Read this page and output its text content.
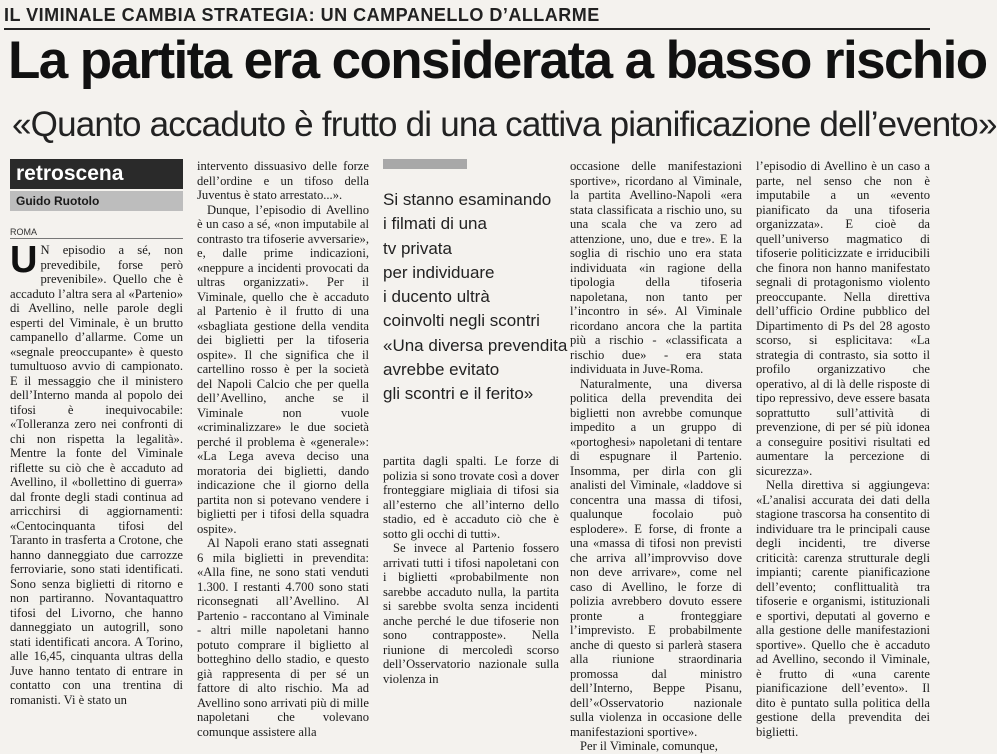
IL VIMINALE CAMBIA STRATEGIA: UN CAMPANELLO D’ALLARME
La partita era considerata a basso rischio
«Quanto accaduto è frutto di una cattiva pianificazione dell’evento»
retroscena
Guido Ruotolo
ROMA

U N episodio a sé, non prevedibile, forse però prevenibile». Quello che è accaduto l’altra sera al «Partenio» di Avellino, nelle parole degli esperti del Viminale, è un brutto campanello d’allarme. Come un «segnale preoccupante» è questo tumultuoso avvio di campionato. E il messaggio che il ministero dell’Interno manda al popolo dei tifosi è inequivocabile: «Tolleranza zero nei confronti di chi non rispetta la legalità». Mentre la fonte del Viminale riflette su ciò che è accaduto ad Avellino, il «bollettino di guerra» dal fronte degli stadi continua ad arricchirsi di aggiornamenti: «Centocinquanta tifosi del Taranto in trasferta a Crotone, che hanno danneggiato due carrozze ferroviarie, sono stati identificati. Sono senza biglietti di ritorno e non partiranno. Novantaquattro tifosi del Livorno, che hanno danneggiato un autogrill, sono stati identificati ancora. A Torino, alle 16,45, cinquanta ultras della Juve hanno tentato di entrare in contatto con una trentina di romanisti. Vi è stato un

intervento dissuasivo delle forze dell’ordine e un tifoso della Juventus è stato arrestato...».

Dunque, l’episodio di Avellino è un caso a sé, «non imputabile al contrasto tra tifoserie avversarie», e, dalle prime indicazioni, «neppure a incidenti provocati da ultras organizzati». Per il Viminale, quello che è accaduto al Partenio è il frutto di una «sbagliata gestione della vendita dei biglietti per la tifoseria ospite». Il che significa che il cartellino rosso è per la società del Napoli Calcio che per quella dell’Avellino, anche se il Viminale non vuole «criminalizzare» le due società perché il problema è «generale»: «La Lega aveva deciso una moratoria dei biglietti, dando indicazione che il giorno della partita non si potevano vendere i biglietti per i tifosi della squadra ospite».

Al Napoli erano stati assegnati 6 mila biglietti in prevendita: «Alla fine, ne sono stati venduti 1.300. I restanti 4.700 sono stati riconsegnati all’Avellino. Al Partenio - raccontano al Viminale - altri mille napoletani hanno potuto comprare il biglietto al botteghino dello stadio, e questo già rappresenta di per sé un fattore di alto rischio. Ma ad Avellino sono arrivati più di mille napoletani che volevano comunque assistere alla

Si stanno esaminando
i filmati di una
tv privata
per individuare
i ducento ultrà
coinvolti negli scontri
«Una diversa prevendita
avrebbe evitato
gli scontri e il ferito»

partita dagli spalti. Le forze di polizia si sono trovate così a dover fronteggiare migliaia di tifosi sia all’esterno che all’interno dello stadio, ed è accaduto ciò che è sotto gli occhi di tutti».

Se invece al Partenio fossero arrivati tutti i tifosi napoletani con i biglietti «probabilmente non sarebbe accaduto nulla, la partita si sarebbe svolta senza incidenti anche perché le due tifoserie non sono contrapposte». Nella riunione di mercoledì scorso dell’Osservatorio nazionale sulla violenza in

occasione delle manifestazioni sportive», ricordano al Viminale, la partita Avellino-Napoli «era stata classificata a rischio uno, su una scala che va zero ad attenzione, uno, due e tre». E la soglia di rischio uno era stata individuata «in ragione della tipologia della tifoseria napoletana, non tanto per l’incontro in sé». Al Viminale ricordano ancora che la partita più a rischio - «classificata a rischio due» - era stata individuata in Juve-Roma.

Naturalmente, una diversa politica della prevendita dei biglietti non avrebbe comunque impedito a un gruppo di «portoghesi» napoletani di tentare di espugnare il Partenio. Insomma, per dirla con gli analisti del Viminale, «laddove si concentra una massa di tifosi, qualunque focolaio può esplodere». E forse, di fronte a una «massa di tifosi non previsti che arriva all’improvviso dove non deve arrivare», come nel caso di Avellino, le forze di polizia avrebbero dovuto essere pronte a fronteggiare l’imprevisto. E probabilmente anche di questo si parlerà stasera alla riunione straordinaria promossa dal ministro dell’Interno, Beppe Pisanu, dell’«Osservatorio nazionale sulla violenza in occasione delle manifestazioni sportive».

Per il Viminale, comunque,

l’episodio di Avellino è un caso a parte, nel senso che non è imputabile a un «evento pianificato da una tifoseria organizzata». E cioè da quell’universo magmatico di tifoserie politicizzate e irriducibili che finora non hanno manifestato segnali di protagonismo violento preoccupante. Nella direttiva dell’ufficio Ordine pubblico del Dipartimento di Ps del 28 agosto scorso, si esplicitava: «La strategia di contrasto, sia sotto il profilo organizzativo che operativo, al di là delle risposte di tipo repressivo, deve essere basata soprattutto sull’attività di prevenzione, di per sé più idonea a conseguire positivi risultati ed aumentare la percezione di sicurezza».

Nella direttiva si aggiungeva: «L’analisi accurata dei dati della stagione trascorsa ha consentito di individuare tra le principali cause degli incidenti, tre diverse criticità: carenza strutturale degli impianti; carente pianificazione dell’evento; conflittualità tra tifoserie e organismi, istituzionali e sportivi, deputati al governo e alla gestione delle manifestazioni sportive». Quello che è accaduto ad Avellino, secondo il Viminale, è frutto di «una carente pianificazione dell’evento». Il dito è puntato sulla politica della gestione della prevendita dei biglietti.
